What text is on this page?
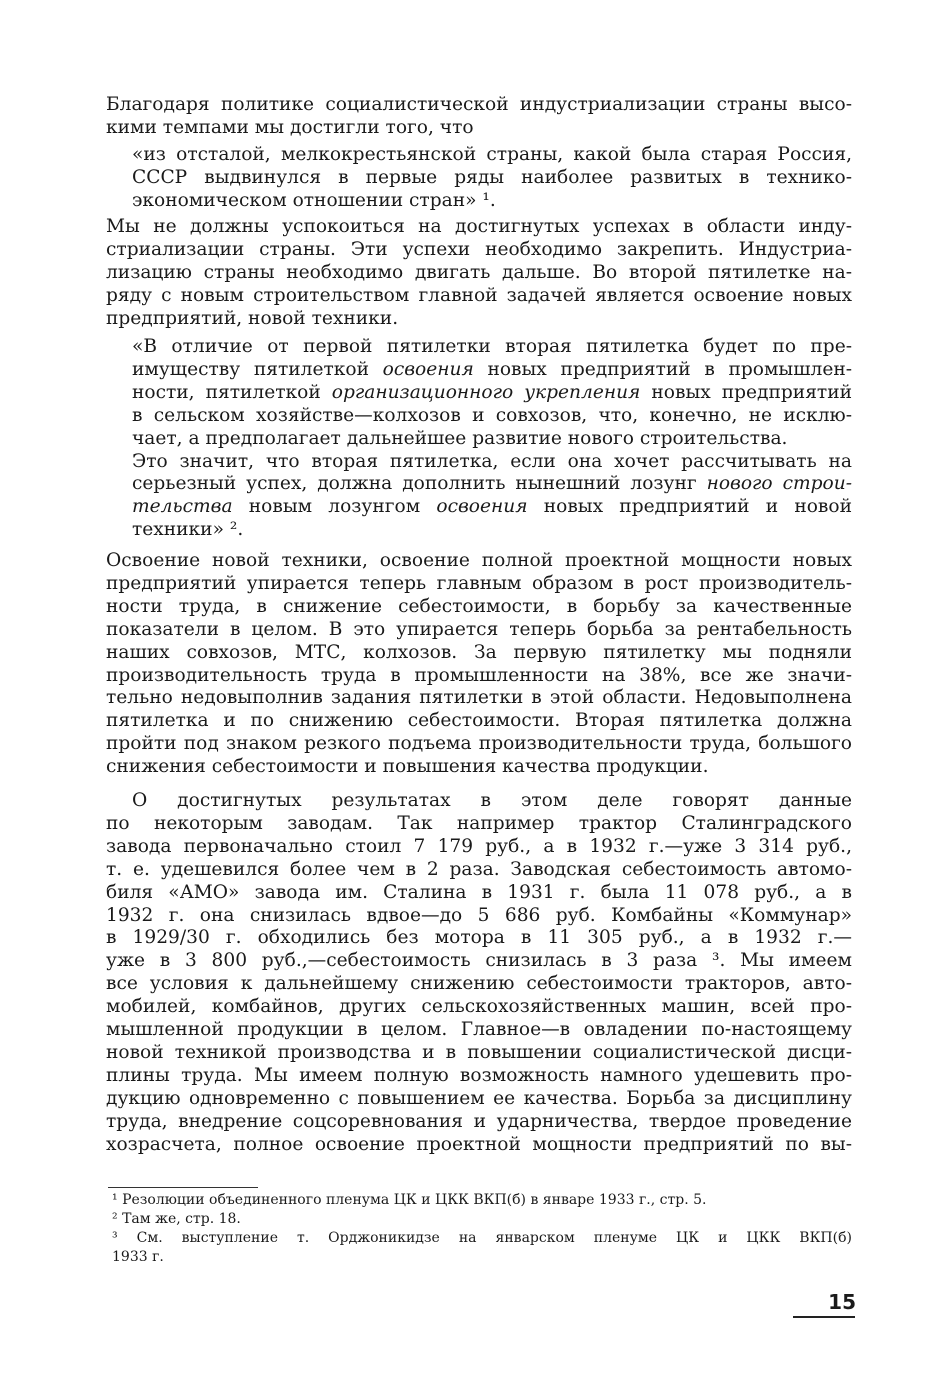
Благодаря политике социалистической индустриализации страны высо-
кими темпами мы достигли того, что
«из отсталой, мелкокрестьянской страны, какой была старая Россия,
СССР выдвинулся в первые ряды наиболее развитых в технико-
экономическом отношении стран» ¹.
Мы не должны успокоиться на достигнутых успехах в области инду-
стриализации страны. Эти успехи необходимо закрепить. Индустриа-
лизацию страны необходимо двигать дальше. Во второй пятилетке на-
ряду с новым строительством главной задачей является освоение новых
предприятий, новой техники.
«В отличие от первой пятилетки вторая пятилетка будет по пре-
имуществу пятилеткой освоения новых предприятий в промышлен-
ности, пятилеткой организационного укрепления новых предприятий
в сельском хозяйстве—колхозов и совхозов, что, конечно, не исклю-
чает, а предполагает дальнейшее развитие нового строительства.
Это значит, что вторая пятилетка, если она хочет рассчитывать на
серьезный успех, должна дополнить нынешний лозунг нового строи-
тельства новым лозунгом освоения новых предприятий и новой
техники» ².
Освоение новой техники, освоение полной проектной мощности новых
предприятий упирается теперь главным образом в рост производитель-
ности труда, в снижение себестоимости, в борьбу за качественные
показатели в целом. В это упирается теперь борьба за рентабельность
наших совхозов, МТС, колхозов. За первую пятилетку мы подняли
производительность труда в промышленности на 38%, все же значи-
тельно недовыполнив задания пятилетки в этой области. Недовыполнена
пятилетка и по снижению себестоимости. Вторая пятилетка должна
пройти под знаком резкого подъема производительности труда, большого
снижения себестоимости и повышения качества продукции.
О достигнутых результатах в этом деле говорят данные
по некоторым заводам. Так например трактор Сталинградского
завода первоначально стоил 7 179 руб., а в 1932 г.—уже 3 314 руб.,
т. е. удешевился более чем в 2 раза. Заводская себестоимость автомо-
биля «АМО» завода им. Сталина в 1931 г. была 11 078 руб., а в
1932 г. она снизилась вдвое—до 5 686 руб. Комбайны «Коммунар»
в 1929/30 г. обходились без мотора в 11 305 руб., а в 1932 г.—
уже в 3 800 руб.,—себестоимость снизилась в 3 раза ³. Мы имеем
все условия к дальнейшему снижению себестоимости тракторов, авто-
мобилей, комбайнов, других сельскохозяйственных машин, всей про-
мышленной продукции в целом. Главное—в овладении по-настоящему
новой техникой производства и в повышении социалистической дисци-
плины труда. Мы имеем полную возможность намного удешевить про-
дукцию одновременно с повышением ее качества. Борьба за дисциплину
труда, внедрение соцсоревнования и ударничества, твердое проведение
хозрасчета, полное освоение проектной мощности предприятий по вы-
¹ Резолюции объединенного пленума ЦК и ЦКК ВКП(б) в январе 1933 г., стр. 5.
² Там же, стр. 18.
³ См. выступление т. Орджоникидзе на январском пленуме ЦК и ЦКК ВКП(б)
1933 г.
15
